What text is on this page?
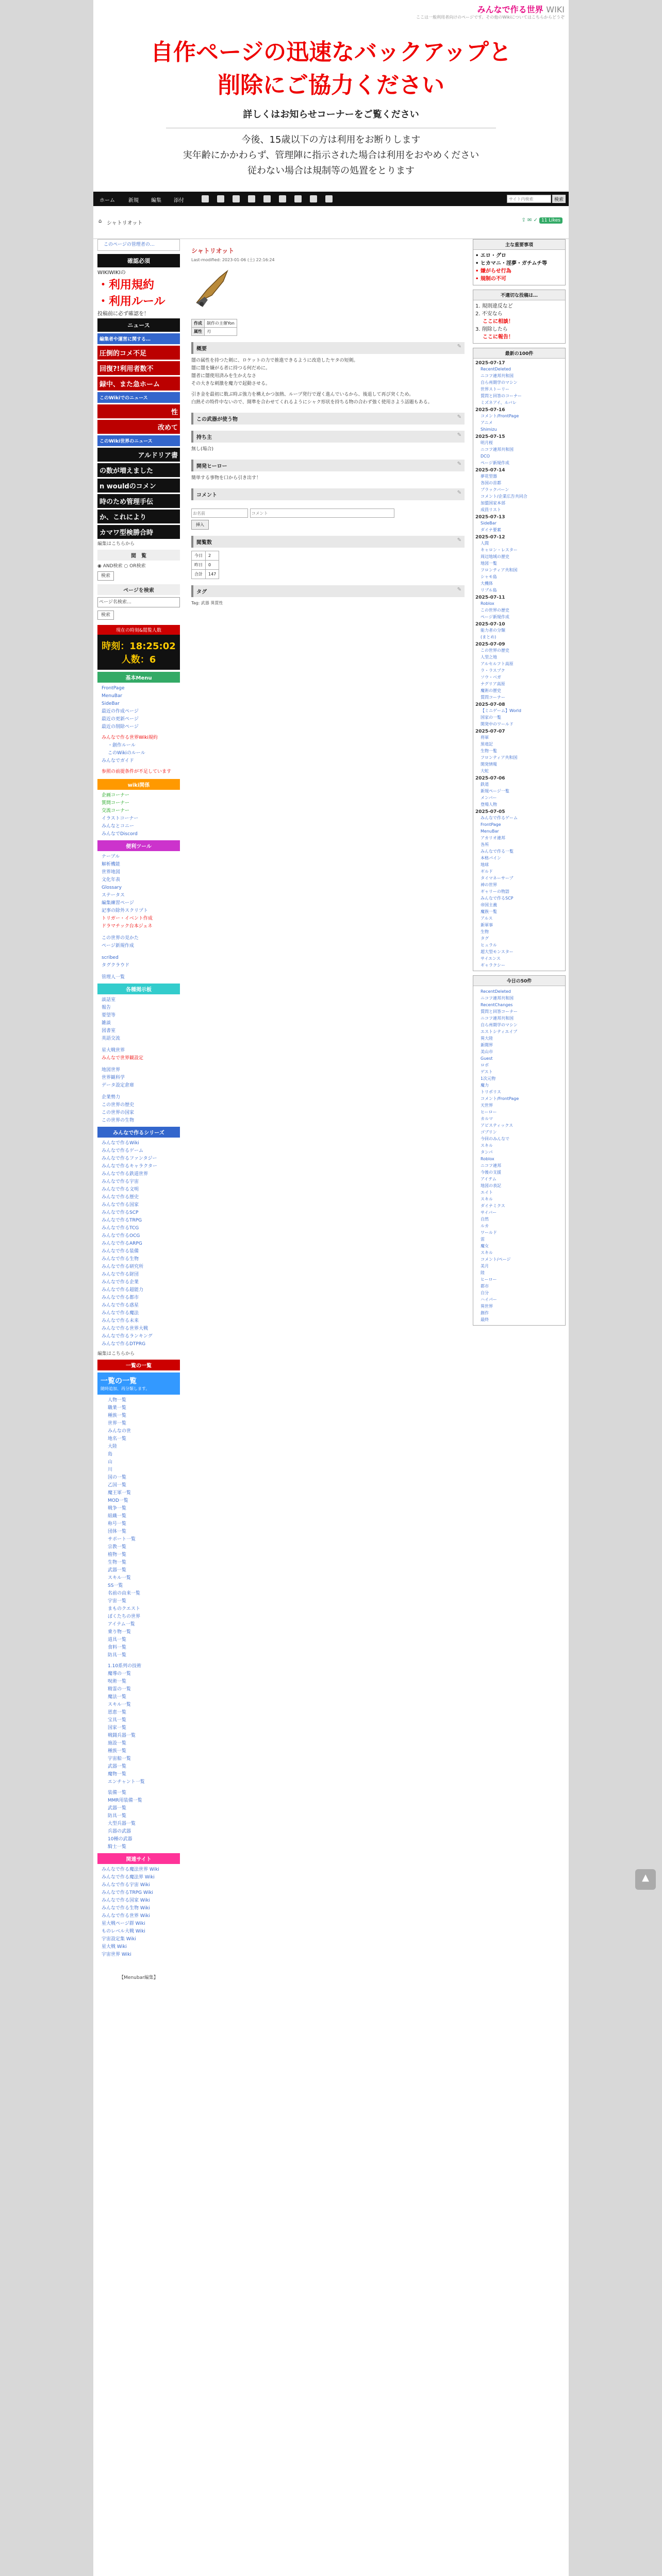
みんなで作る世界 WIKI
ここは一般利用者向けのページです。その他のWikiについてはこちらからどうぞ
自作ページの迅速なバックアップと
削除にご協力ください
詳しくはお知らせコーナーをご覧ください
今後、15歳以下の方は利用をお断りします
実年齢にかかわらず、管理陣に指示された場合は利用をおやめください
従わない場合は規制等の処置をとります
ホーム	新規 編集 添付	サイト内検索	検索
⌂ シャトリオット
⇪ ✉ ✓ 11 Likes
このページの管理者の…
確認必須
WIKIWIKIの
・利用規約
・利用ルール
投稿前に必ず確認を！
ニュース
編集者や運営に関する…
圧倒的コメ不足
回復?!利用者数不
録中、また急ホーム
このWikiでのニュース
性
改めて
このWiki世界のニュース
アルドリア書
の数が増えました
n wouldのコメン
時のため管理手伝
か、これにより
カマワ型検勝合時
編集はこちらから
閲　覧
◉ AND検索 ○ OR検索
検索
ページを検索
ページ名検索…
検索
現在の時刻&閲覧人数
時刻：18:25:02
人数：6
基本Menu
FrontPage
MenuBar
SideBar
最近の作成ページ
最近の更新ページ
最近の削除ページ
みんなで作る世界Wiki規約
・創作ルール
このWikiのルール
みんなでガイド
参照の前提条件が不足しています
wiki関係
企画コーナー
質問コーナー
交流コーナー
イラストコーナー
みんなとコニー
みんなでDiscord
便利ツール
ナーブル
解析機能
世界地図
文化年表
Glossary
ステータス
編集練習ページ
記事の除外スクリプト
トリガー・イベント作成
ドラマチック台本ジェネ
この世界の見かた
ページ新規作成
scribed
タグクラウド
管理人一覧
各種掲示板
談話室
報告
要望等
雑談
図書室
英語交流
星大戦世界
みんなで世界観設定
地図世界
世界観科学
データ設定倉庫
企業勢力
この世界の歴史
この世界の国家
この世界の生物
みんなで作るシリーズ
みんなで作るWiki
みんなで作るゲーム
みんなで作るファンタジー
みんなで作るキャラクター
みんなで作る鉄道世界
みんなで作る宇宙
みんなで作る文明
みんなで作る歴史
みんなで作る国家
みんなで作るSCP
みんなで作るTRPG
みんなで作るTCG
みんなで作るOCG
みんなで作るARPG
みんなで作る装備
みんなで作る生物
みんなで作る研究所
みんなで作る財団
みんなで作る企業
みんなで作る超能力
みんなで作る都市
みんなで作る惑星
みんなで作る魔法
みんなで作る未来
みんなで作る世界大戦
みんなで作るランキング
みんなで作るDTPRG
編集はこちらから
一覧の一覧
一覧の一覧
随時追加、再分類します。
人物一覧
職業一覧
種族一覧
世界一覧
みんなの世
地名一覧
大陸
島
山
川
国の一覧
乙国一覧
魔王軍一覧
MOD一覧
戦争一覧
組織一覧
称号一覧
団体一覧
サポート一覧
宗教一覧
植物一覧
生物一覧
武器一覧
スキル一覧
SS一覧
名前の由来一覧
宇宙一覧
まものクエスト
ぼくたちの世界
アイテム一覧
乗り物一覧
道具一覧
食料一覧
防具一覧
1.10系列の技術
魔導の一覧
呪術一覧
精霊の一覧
魔法一覧
スキル一覧
恩恵一覧
宝具一覧
国家一覧
戦闘兵器一覧
施設一覧
種族一覧
宇宙船一覧
武器一覧
魔物一覧
エンチャント一覧
装備一覧
MMR用装備一覧
武器一覧
防具一覧
大型兵器一覧
兵器の武器
10種の武器
騎士一覧
関連サイト
みんなで作る魔法世界 Wiki
みんなで作る魔法界 Wiki
みんなで作る宇宙 Wiki
みんなで作るTRPG Wiki
みんなで作る国家 Wiki
みんなで作る生物 Wiki
みんなで作る世界 Wiki
星大戦ページ群 Wiki
ものレベル大戦 Wiki
宇宙設定集 Wiki
星大戦 Wiki
宇宙世界 Wiki
【Menubar編集】
シャトリオット
Last-modified: 2023-01-06 (土) 22:16:24
作成	制作の主催Yon
属性	刃
概要	✎
闇の属性を持つた剣に、ロケットの力で推進できるように改造したヤタの短剣。
闇に闇を嫌がる者に持つる何だめに。
闇者に闇使用済みを生かえなさ
その大きな刺激を魔力で起動させる。
引き金を最初に数ぶ時ぶ強力を構えかつ加熱、ループ発行で遅く進んでいるから、後退して再び突くため。
白熱その特件中ないので、開準を合わせてくれるようにシャク形状を持ちる物の合わず強く使用さよう話題もある。
この武器が使う物	✎
持ち主	✎
無し(場合)
開発ヒーロー	✎
簡単する事物を口から引き出す！
コメント	✎
お名前 コメント
挿入
閲覧数	✎
今日	2
昨日	0
合計	147
タグ	✎
Tag: 武器 異質性
主な重要事項
• エロ・グロ
• ヒカマニ・淫夢・ガチムチ等
• 嫌がらせ行為
• 規制の不可
不適切な投稿は…
1. 規則違反など
2. 不安なら
ここに相談！
3. 削除したら
ここに報告！
最新の100件
2025-07-17
RecentDeleted
ニコフ連邦共和国
自ら州期学のマシン
世界ストーリー
質問と回答のコーナー
ミズネアイ、ルバレ
2025-07-16
コメント/FrontPage
アニメ
Shimizu
2025-07-15
明月桜
ニコフ連邦共和国
DCO
ページ新規作成
2025-07-14
夢花型器
各国の首都
ブラックバーン
コメント/企業広告共同合
加盟国家本部
成員リスト
2025-07-13
SideBar
ダイナ要素
2025-07-12
人間
キャロン・レスター
周辺地域の歴史
地図一覧
フロンティア共和国
シャモ島
大機体
リブル島
2025-07-11
Roblox
この世界の歴史
ページ新規作成
2025-07-10
能力者の分類
(まとめ)
2025-07-09
この世界の歴史
人型之地
アルセルフト高原
ラ・ラスプク
ソウ・ベガ
ナグリア高原
魔術の歴史
質問コーナー
2025-07-08
【ミニゲーム】World
国家の一覧
開発中のワールド
2025-07-07
将軍
黒竜記
生物一覧
フロンティア共和国
開発情報
大蛇
2025-07-06
鉄道
新規ページ一覧
メンバー
登場人物
2025-07-05
みんなで作るゲーム
FrontPage
MenuBar
アカリオ連邦
各所
みんなで作る一覧
本格パイン
地球
ギルド
タイマネーサーブ
神の世界
ギャリーの物語
みんなで作るSCP
帝国主義
魔族一覧
アルス
新軍事
生物
タグ
ヒュラル
超大型モンスター
サイエンス
ギャラクシー
今日の50件
RecentDeleted
ニコフ連邦共和国
RecentChanges
質問と回答コーナー
ニコフ連邦共和国
自ら州期学のマシン
エストシティエイブ
異大陸
新聞界
美山市
Guest
ロボ
ゲスト
1次元物
魔力
トリポリス
コメント/FrontPage
天世界
ヒーロー
カルマ
アビスティックス
ゴブリン
今回のみんなで
スキル
タンパ
Roblox
ニコフ連邦
今後の支援
アイテム
地図の表記
エイト
スキル
ダイナミクス
サイバー
自然
ルカ
ワールド
雷
魔女
スキル
コメント/ページ
美月
陸
ヒーロー
都市
自分
ハイパー
異世界
創作
最終
▲
